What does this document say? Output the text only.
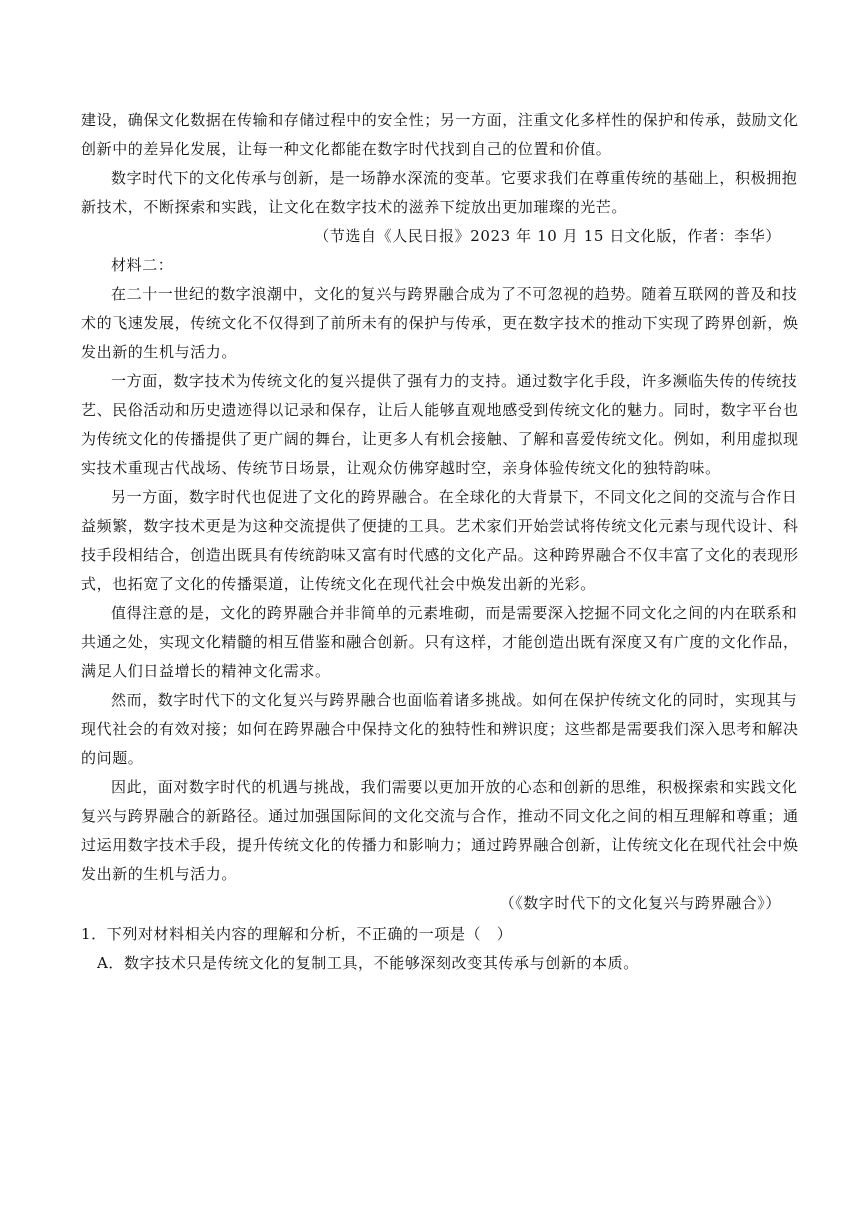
建设，确保文化数据在传输和存储过程中的安全性；另一方面，注重文化多样性的保护和传承，鼓励文化
创新中的差异化发展，让每一种文化都能在数字时代找到自己的位置和价值。
数字时代下的文化传承与创新，是一场静水深流的变革。它要求我们在尊重传统的基础上，积极拥抱
新技术，不断探索和实践，让文化在数字技术的滋养下绽放出更加璀璨的光芒。
（节选自《人民日报》2023 年 10 月 15 日文化版，作者：李华）
材料二：
在二十一世纪的数字浪潮中，文化的复兴与跨界融合成为了不可忽视的趋势。随着互联网的普及和技
术的飞速发展，传统文化不仅得到了前所未有的保护与传承，更在数字技术的推动下实现了跨界创新，焕
发出新的生机与活力。
一方面，数字技术为传统文化的复兴提供了强有力的支持。通过数字化手段，许多濒临失传的传统技
艺、民俗活动和历史遗迹得以记录和保存，让后人能够直观地感受到传统文化的魅力。同时，数字平台也
为传统文化的传播提供了更广阔的舞台，让更多人有机会接触、了解和喜爱传统文化。例如，利用虚拟现
实技术重现古代战场、传统节日场景，让观众仿佛穿越时空，亲身体验传统文化的独特韵味。
另一方面，数字时代也促进了文化的跨界融合。在全球化的大背景下，不同文化之间的交流与合作日
益频繁，数字技术更是为这种交流提供了便捷的工具。艺术家们开始尝试将传统文化元素与现代设计、科
技手段相结合，创造出既具有传统韵味又富有时代感的文化产品。这种跨界融合不仅丰富了文化的表现形
式，也拓宽了文化的传播渠道，让传统文化在现代社会中焕发出新的光彩。
值得注意的是，文化的跨界融合并非简单的元素堆砌，而是需要深入挖掘不同文化之间的内在联系和
共通之处，实现文化精髓的相互借鉴和融合创新。只有这样，才能创造出既有深度又有广度的文化作品，
满足人们日益增长的精神文化需求。
然而，数字时代下的文化复兴与跨界融合也面临着诸多挑战。如何在保护传统文化的同时，实现其与
现代社会的有效对接；如何在跨界融合中保持文化的独特性和辨识度；这些都是需要我们深入思考和解决
的问题。
因此，面对数字时代的机遇与挑战，我们需要以更加开放的心态和创新的思维，积极探索和实践文化
复兴与跨界融合的新路径。通过加强国际间的文化交流与合作，推动不同文化之间的相互理解和尊重；通
过运用数字技术手段，提升传统文化的传播力和影响力；通过跨界融合创新，让传统文化在现代社会中焕
发出新的生机与活力。
（《数字时代下的文化复兴与跨界融合》）
1．下列对材料相关内容的理解和分析，不正确的一项是（　）
A．数字技术只是传统文化的复制工具，不能够深刻改变其传承与创新的本质。
